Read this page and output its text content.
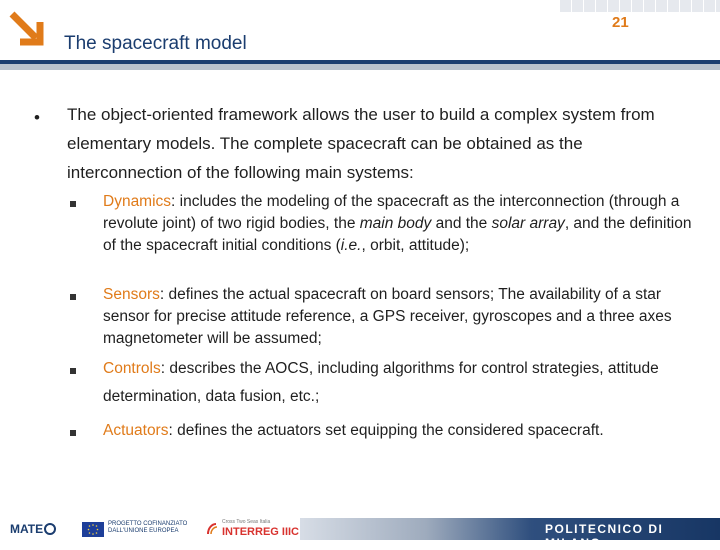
The spacecraft model
21
• The object-oriented framework allows the user to build a complex system from elementary models. The complete spacecraft can be obtained as the interconnection of the following main systems:
Dynamics: includes the modeling of the spacecraft as the interconnection (through a revolute joint) of two rigid bodies, the main body and the solar array, and the definition of the spacecraft initial conditions (i.e., orbit, attitude);
Sensors: defines the actual spacecraft on board sensors; The availability of a star sensor for precise attitude reference, a GPS receiver, gyroscopes and a three axes magnetometer will be assumed;
Controls: describes the AOCS, including algorithms for control strategies, attitude determination, data fusion, etc.;
Actuators: defines the actuators set equipping the considered spacecraft.
POLITECNICO DI MILANO
MATE	PROGETTO COFINANZIATO DALL'UNIONE EUROPEA
Cross Two Seas Italia
INTERREG IIIC
